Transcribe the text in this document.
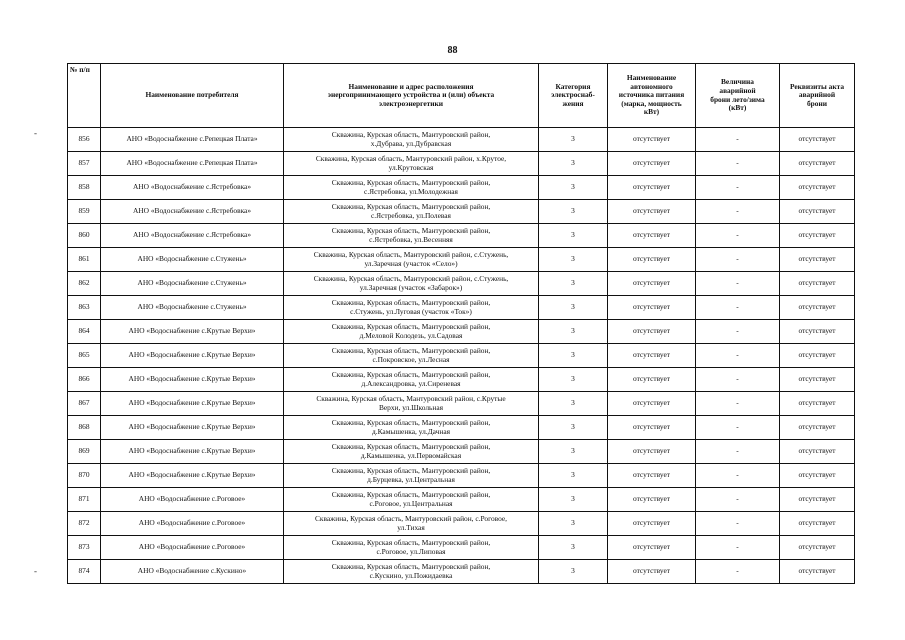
88
-
-
№ п/п	Наименование потребителя	Наименование и адрес расположения
энергопринимающего устройства и (или) объекта
электроэнергетики	Категория
электроснаб-
жения	Наименование
автономного
источника питания
(марка, мощность
кВт)	Величина
аварийной
брони лето/зима
(кВт)	Реквизиты акта
аварийной
брони

856	АНО «Водоснабжение с.Репецкая Плата»	Скважина, Курская область, Мантуровский район,
х.Дубрава, ул.Дубравская	3	отсутствует	-	отсутствует
857	АНО «Водоснабжение с.Репецкая Плата»	Скважина, Курская область, Мантуровский район, х.Крутое,
ул.Крутовская	3	отсутствует	-	отсутствует
858	АНО «Водоснабжение с.Ястребовка»	Скважина, Курская область, Мантуровский район,
с.Ястребовка, ул.Молодежная	3	отсутствует	-	отсутствует
859	АНО «Водоснабжение с.Ястребовка»	Скважина, Курская область, Мантуровский район,
с.Ястребовка, ул.Полевая	3	отсутствует	-	отсутствует
860	АНО «Водоснабжение с.Ястребовка»	Скважина, Курская область, Мантуровский район,
с.Ястребовка, ул.Весенняя	3	отсутствует	-	отсутствует
861	АНО «Водоснабжение с.Стужень»	Скважина, Курская область, Мантуровский район, с.Стужень,
ул.Заречная (участок «Село»)	3	отсутствует	-	отсутствует
862	АНО «Водоснабжение с.Стужень»	Скважина, Курская область, Мантуровский район, с.Стужень,
ул.Заречная (участок «Забарок»)	3	отсутствует	-	отсутствует
863	АНО «Водоснабжение с.Стужень»	Скважина, Курская область, Мантуровский район,
с.Стужень, ул.Луговая (участок «Ток»)	3	отсутствует	-	отсутствует
864	АНО «Водоснабжение с.Крутые Верхи»	Скважина, Курская область, Мантуровский район,
д.Меловой Колодезь, ул.Садовая	3	отсутствует	-	отсутствует
865	АНО «Водоснабжение с.Крутые Верхи»	Скважина, Курская область, Мантуровский район,
с.Покровское, ул.Лесная	3	отсутствует	-	отсутствует
866	АНО «Водоснабжение с.Крутые Верхи»	Скважина, Курская область, Мантуровский район,
д.Александровка, ул.Сиреневая	3	отсутствует	-	отсутствует
867	АНО «Водоснабжение с.Крутые Верхи»	Скважина, Курская область, Мантуровский район, с.Крутые
Верхи, ул.Школьная	3	отсутствует	-	отсутствует
868	АНО «Водоснабжение с.Крутые Верхи»	Скважина, Курская область, Мантуровский район,
д.Камышенка, ул.Дачная	3	отсутствует	-	отсутствует
869	АНО «Водоснабжение с.Крутые Верхи»	Скважина, Курская область, Мантуровский район,
д.Камышенка, ул.Первомайская	3	отсутствует	-	отсутствует
870	АНО «Водоснабжение с.Крутые Верхи»	Скважина, Курская область, Мантуровский район,
д.Бурцевка, ул.Центральная	3	отсутствует	-	отсутствует
871	АНО «Водоснабжение с.Роговое»	Скважина, Курская область, Мантуровский район,
с.Роговое, ул.Центральная	3	отсутствует	-	отсутствует
872	АНО «Водоснабжение с.Роговое»	Скважина, Курская область, Мантуровский район, с.Роговое,
ул.Тихая	3	отсутствует	-	отсутствует
873	АНО «Водоснабжение с.Роговое»	Скважина, Курская область, Мантуровский район,
с.Роговое, ул.Липовая	3	отсутствует	-	отсутствует
874	АНО «Водоснабжение с.Кускино»	Скважина, Курская область, Мантуровский район,
с.Кускино, ул.Пожидаевка	3	отсутствует	-	отсутствует
